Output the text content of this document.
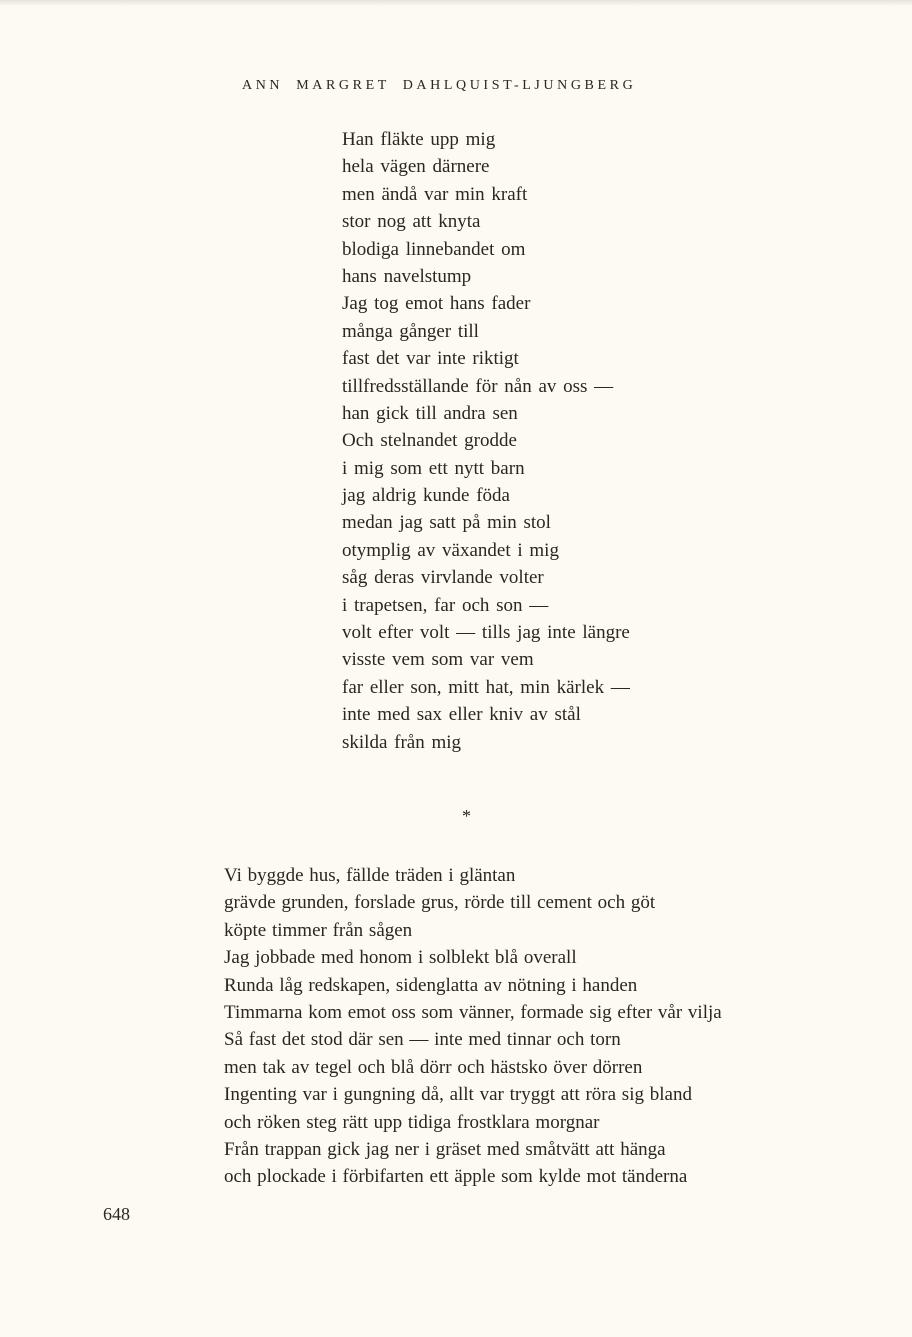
ANN MARGRET DAHLQUIST-LJUNGBERG
Han fläkte upp mig
hela vägen därnere
men ändå var min kraft
stor nog att knyta
blodiga linnebandet om
hans navelstump
Jag tog emot hans fader
många gånger till
fast det var inte riktigt
tillfredsställande för nån av oss —
han gick till andra sen
Och stelnandet grodde
i mig som ett nytt barn
jag aldrig kunde föda
medan jag satt på min stol
otymplig av växandet i mig
såg deras virvlande volter
i trapetsen, far och son —
volt efter volt — tills jag inte längre
visste vem som var vem
far eller son, mitt hat, min kärlek —
inte med sax eller kniv av stål
skilda från mig
*
Vi byggde hus, fällde träden i gläntan
grävde grunden, forslade grus, rörde till cement och göt
köpte timmer från sågen
Jag jobbade med honom i solblekt blå overall
Runda låg redskapen, sidenglatta av nötning i handen
Timmarna kom emot oss som vänner, formade sig efter vår vilja
Så fast det stod där sen — inte med tinnar och torn
men tak av tegel och blå dörr och hästsko över dörren
Ingenting var i gungning då, allt var tryggt att röra sig bland
och röken steg rätt upp tidiga frostklara morgnar
Från trappan gick jag ner i gräset med småtvätt att hänga
och plockade i förbifarten ett äpple som kylde mot tänderna
648
